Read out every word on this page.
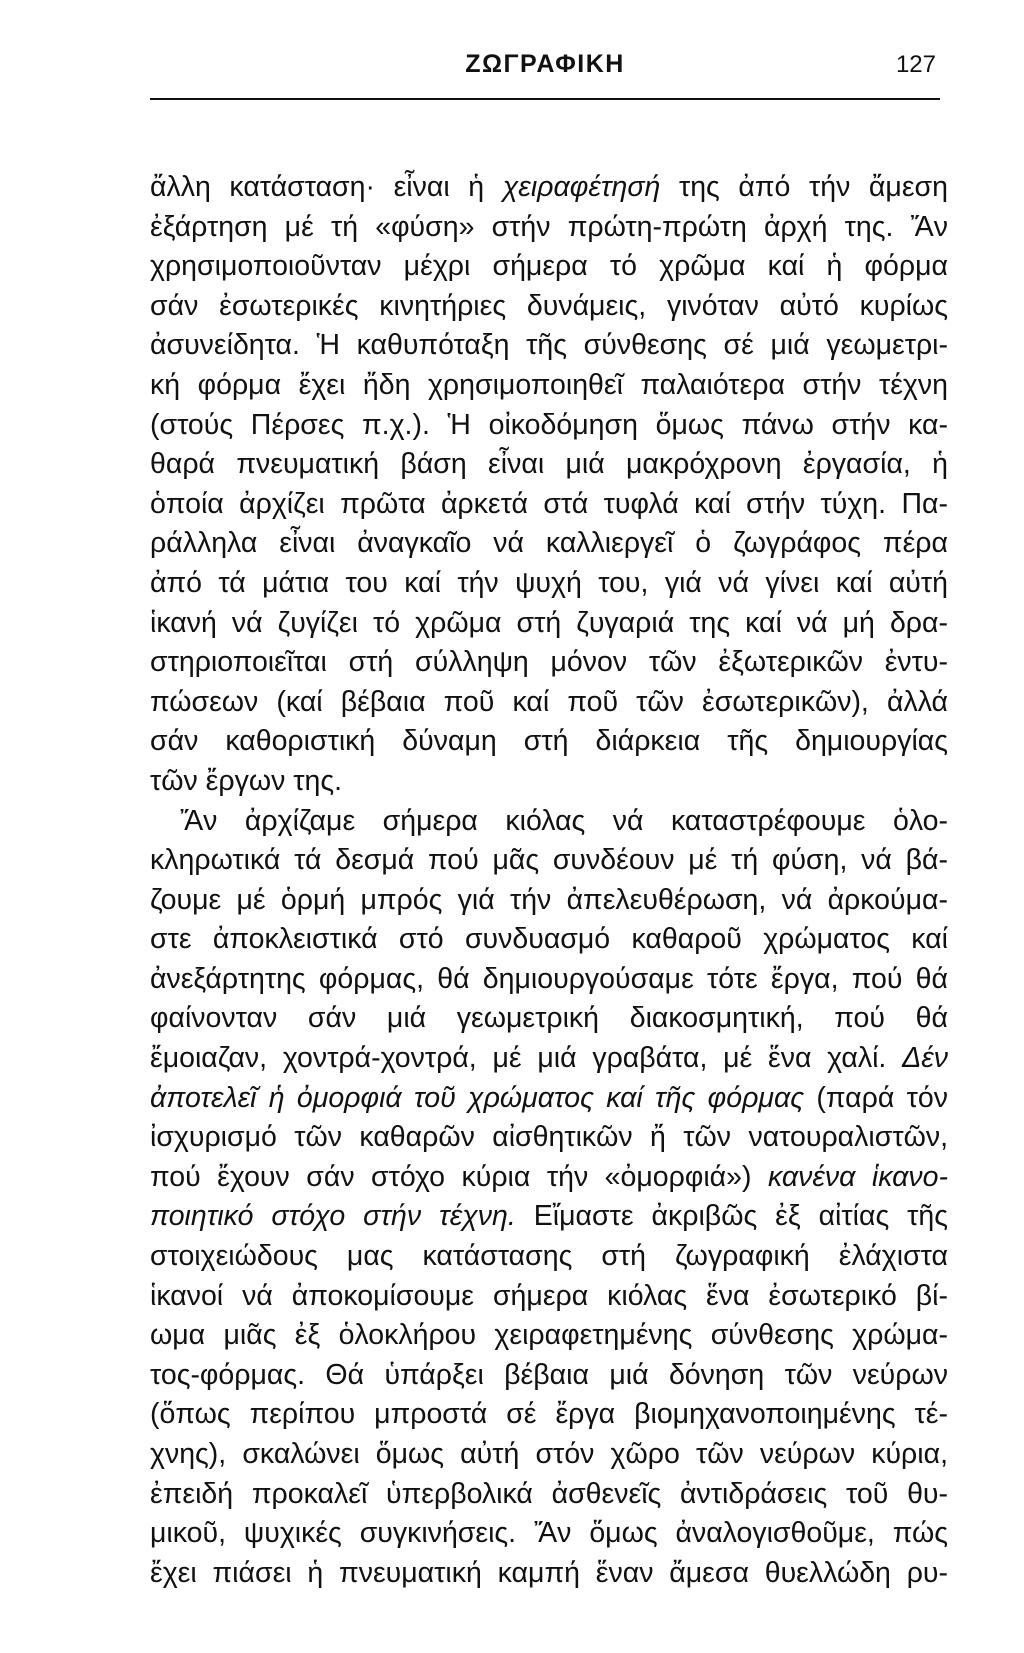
ΖΩΓΡΑΦΙΚΗ	127
ἄλλη κατάσταση· εἶναι ἡ χειραφέτησή της ἀπό τήν ἄμεση
ἐξάρτηση μέ τή «φύση» στήν πρώτη-πρώτη ἀρχή της. Ἄν
χρησιμοποιοῦνταν μέχρι σήμερα τό χρῶμα καί ἡ φόρμα
σάν ἐσωτερικές κινητήριες δυνάμεις, γινόταν αὐτό κυρίως
ἀσυνείδητα. Ἡ καθυπόταξη τῆς σύνθεσης σέ μιά γεωμετρι-
κή φόρμα ἔχει ἤδη χρησιμοποιηθεῖ παλαιότερα στήν τέχνη
(στούς Πέρσες π.χ.). Ἡ οἰκοδόμηση ὅμως πάνω στήν κα-
θαρά πνευματική βάση εἶναι μιά μακρόχρονη ἐργασία, ἡ
ὁποία ἀρχίζει πρῶτα ἀρκετά στά τυφλά καί στήν τύχη. Πα-
ράλληλα εἶναι ἀναγκαῖο νά καλλιεργεῖ ὁ ζωγράφος πέρα
ἀπό τά μάτια του καί τήν ψυχή του, γιά νά γίνει καί αὐτή
ἱκανή νά ζυγίζει τό χρῶμα στή ζυγαριά της καί νά μή δρα-
στηριοποιεῖται στή σύλληψη μόνον τῶν ἐξωτερικῶν ἐντυ-
πώσεων (καί βέβαια ποῦ καί ποῦ τῶν ἐσωτερικῶν), ἀλλά
σάν καθοριστική δύναμη στή διάρκεια τῆς δημιουργίας
τῶν ἔργων της.
Ἄν ἀρχίζαμε σήμερα κιόλας νά καταστρέφουμε ὁλο-
κληρωτικά τά δεσμά πού μᾶς συνδέουν μέ τή φύση, νά βά-
ζουμε μέ ὁρμή μπρός γιά τήν ἀπελευθέρωση, νά ἀρκούμα-
στε ἀποκλειστικά στό συνδυασμό καθαροῦ χρώματος καί
ἀνεξάρτητης φόρμας, θά δημιουργούσαμε τότε ἔργα, πού θά
φαίνονταν σάν μιά γεωμετρική διακοσμητική, πού θά
ἔμοιαζαν, χοντρά-χοντρά, μέ μιά γραβάτα, μέ ἕνα χαλί. Δέν
ἀποτελεῖ ἡ ὀμορφιά τοῦ χρώματος καί τῆς φόρμας (παρά τόν
ἰσχυρισμό τῶν καθαρῶν αἰσθητικῶν ἤ τῶν νατουραλιστῶν,
πού ἔχουν σάν στόχο κύρια τήν «ὀμορφιά») κανένα ἱκανο-
ποιητικό στόχο στήν τέχνη. Εἴμαστε ἀκριβῶς ἐξ αἰτίας τῆς
στοιχειώδους μας κατάστασης στή ζωγραφική ἐλάχιστα
ἱκανοί νά ἀποκομίσουμε σήμερα κιόλας ἕνα ἐσωτερικό βί-
ωμα μιᾶς ἐξ ὁλοκλήρου χειραφετημένης σύνθεσης χρώμα-
τος-φόρμας. Θά ὑπάρξει βέβαια μιά δόνηση τῶν νεύρων
(ὅπως περίπου μπροστά σέ ἔργα βιομηχανοποιημένης τέ-
χνης), σκαλώνει ὅμως αὐτή στόν χῶρο τῶν νεύρων κύρια,
ἐπειδή προκαλεῖ ὑπερβολικά ἀσθενεῖς ἀντιδράσεις τοῦ θυ-
μικοῦ, ψυχικές συγκινήσεις. Ἄν ὅμως ἀναλογισθοῦμε, πώς
ἔχει πιάσει ἡ πνευματική καμπή ἕναν ἄμεσα θυελλώδη ρυ-
